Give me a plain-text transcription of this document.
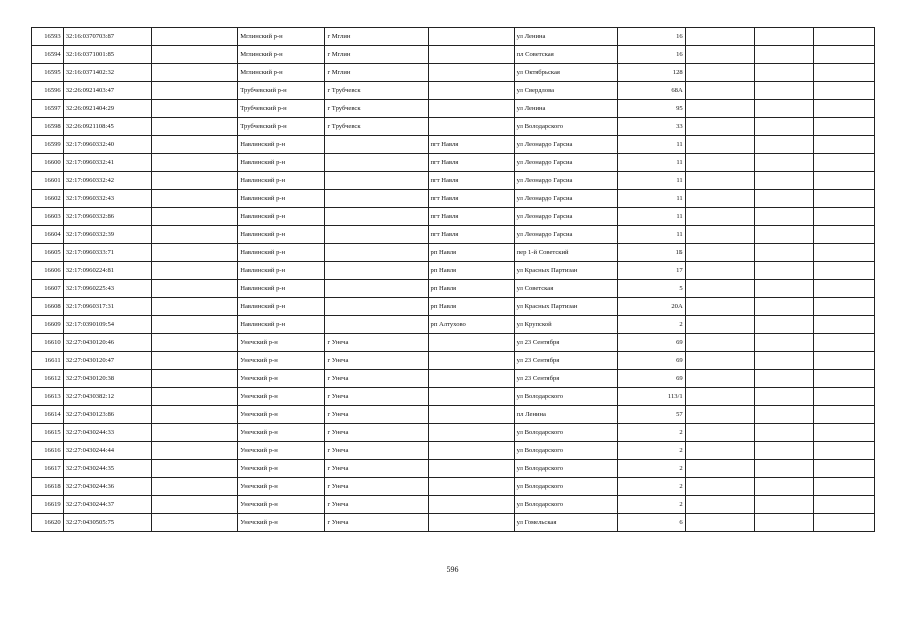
16593	32:16:0370703:87		Мглинский р-н	г Мглин		ул Ленина	16			
16594	32:16:0371001:85		Мглинский р-н	г Мглин		пл Советская	16			
16595	32:16:0371402:32		Мглинский р-н	г Мглин		ул Октябрьская	128			
16596	32:26:0921403:47		Трубчевский р-н	г Трубчевск		ул Свердлова	68А			
16597	32:26:0921404:29		Трубчевский р-н	г Трубчевск		ул Ленина	95			
16598	32:26:0921108:45		Трубчевский р-н	г Трубчевск		ул Володарского	33			
16599	32:17:0960332:40		Навлинский р-н		пгт Навля	ул Леонардо Гарсиа	11			
16600	32:17:0960332:41		Навлинский р-н		пгт Навля	ул Леонардо Гарсиа	11			
16601	32:17:0960332:42		Навлинский р-н		пгт Навля	ул Леонардо Гарсиа	11			
16602	32:17:0960332:43		Навлинский р-н		пгт Навля	ул Леонардо Гарсиа	11			
16603	32:17:0960332:86		Навлинский р-н		пгт Навля	ул Леонардо Гарсиа	11			
16604	32:17:0960332:39		Навлинский р-н		пгт Навля	ул Леонардо Гарсиа	11			
16605	32:17:0960333:71		Навлинский р-н		рп Навля	пер 1-й Советский	1Б			
16606	32:17:0960224:81		Навлинский р-н		рп Навля	ул Красных Партизан	17			
16607	32:17:0960225:43		Навлинский р-н		рп Навля	ул Советская	5			
16608	32:17:0960317:31		Навлинский р-н		рп Навля	ул Красных Партизан	20А			
16609	32:17:0390109:54		Навлинский р-н		рп Алтухово	ул Крупской	2			
16610	32:27:0430120:46		Унечский р-н	г Унеча		ул 23 Сентября	69			
16611	32:27:0430120:47		Унечский р-н	г Унеча		ул 23 Сентября	69			
16612	32:27:0430120:38		Унечский р-н	г Унеча		ул 23 Сентября	69			
16613	32:27:0430382:12		Унечский р-н	г Унеча		ул Володарского	113/1			
16614	32:27:0430123:86		Унечский р-н	г Унеча		пл Ленина	57			
16615	32:27:0430244:33		Унечский р-н	г Унеча		ул Володарского	2			
16616	32:27:0430244:44		Унечский р-н	г Унеча		ул Володарского	2			
16617	32:27:0430244:35		Унечский р-н	г Унеча		ул Володарского	2			
16618	32:27:0430244:36		Унечский р-н	г Унеча		ул Володарского	2			
16619	32:27:0430244:37		Унечский р-н	г Унеча		ул Володарского	2			
16620	32:27:0430505:75		Унечский р-н	г Унеча		ул Гомельская	6			
596
